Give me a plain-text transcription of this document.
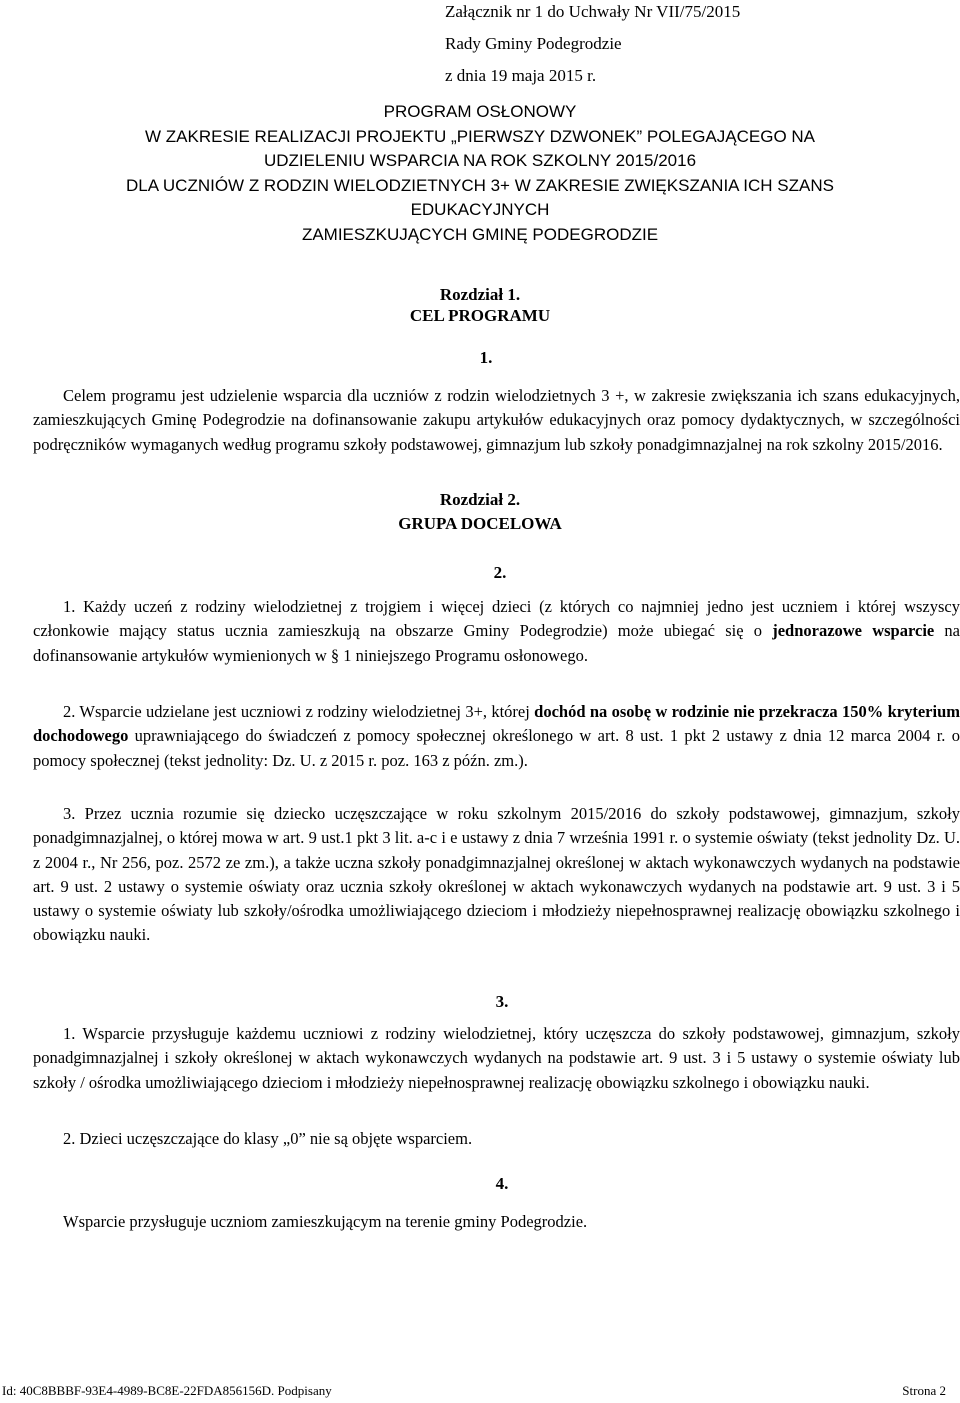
Załącznik nr 1 do Uchwały Nr VII/75/2015
Rady Gminy Podegrodzie
z dnia 19 maja 2015 r.
PROGRAM OSŁONOWY
W ZAKRESIE REALIZACJI PROJEKTU „PIERWSZY DZWONEK” POLEGAJĄCEGO NA
UDZIELENIU WSPARCIA NA ROK SZKOLNY 2015/2016
DLA UCZNIÓW Z RODZIN WIELODZIETNYCH 3+ W ZAKRESIE ZWIĘKSZANIA ICH SZANS
EDUKACYJNYCH
ZAMIESZKUJĄCYCH GMINĘ PODEGRODZIE
Rozdział 1.
CEL PROGRAMU
1.

Celem programu jest udzielenie wsparcia dla uczniów z rodzin wielodzietnych 3 +, w zakresie zwiększania ich szans edukacyjnych, zamieszkujących Gminę Podegrodzie na dofinansowanie zakupu artykułów edukacyjnych oraz pomocy dydaktycznych, w szczególności podręczników wymaganych według programu szkoły podstawowej, gimnazjum lub szkoły ponadgimnazjalnej na rok szkolny 2015/2016.

Rozdział 2.
GRUPA DOCELOWA
2.

1. Każdy uczeń z rodziny wielodzietnej z trojgiem i więcej dzieci (z których co najmniej jedno jest uczniem i której wszyscy członkowie mający status ucznia zamieszkują na obszarze Gminy Podegrodzie) może ubiegać się o jednorazowe wsparcie na dofinansowanie artykułów wymienionych w § 1 niniejszego Programu osłonowego.

2. Wsparcie udzielane jest uczniowi z rodziny wielodzietnej 3+, której dochód na osobę w rodzinie nie przekracza 150% kryterium dochodowego uprawniającego do świadczeń z pomocy społecznej określonego w art. 8 ust. 1 pkt 2 ustawy z dnia 12 marca 2004 r. o pomocy społecznej (tekst jednolity: Dz. U. z 2015 r. poz. 163 z późn. zm.).

3. Przez ucznia rozumie się dziecko uczęszczające w roku szkolnym 2015/2016 do szkoły podstawowej, gimnazjum, szkoły ponadgimnazjalnej, o której mowa w art. 9 ust.1 pkt 3 lit. a-c i e ustawy z dnia 7 września 1991 r. o systemie oświaty (tekst jednolity Dz. U. z 2004 r., Nr 256, poz. 2572 ze zm.), a także uczna szkoły ponadgimnazjalnej określonej w aktach wykonawczych wydanych na podstawie art. 9 ust. 2 ustawy o systemie oświaty oraz ucznia szkoły określonej w aktach wykonawczych wydanych na podstawie art. 9 ust. 3 i 5 ustawy o systemie oświaty lub szkoły/ośrodka umożliwiającego dzieciom i młodzieży niepełnosprawnej realizację obowiązku szkolnego i obowiązku nauki.

3.

1. Wsparcie przysługuje każdemu uczniowi z rodziny wielodzietnej, który uczęszcza do szkoły podstawowej, gimnazjum, szkoły ponadgimnazjalnej i szkoły określonej w aktach wykonawczych wydanych na podstawie art. 9 ust. 3 i 5 ustawy o systemie oświaty lub szkoły / ośrodka umożliwiającego dzieciom i młodzieży niepełnosprawnej realizację obowiązku szkolnego i obowiązku nauki.

2. Dzieci uczęszczające do klasy „0” nie są objęte wsparciem.

4.

Wsparcie przysługuje uczniom zamieszkującym na terenie gminy Podegrodzie.

Id: 40C8BBBF-93E4-4989-BC8E-22FDA856156D. Podpisany	Strona 2
